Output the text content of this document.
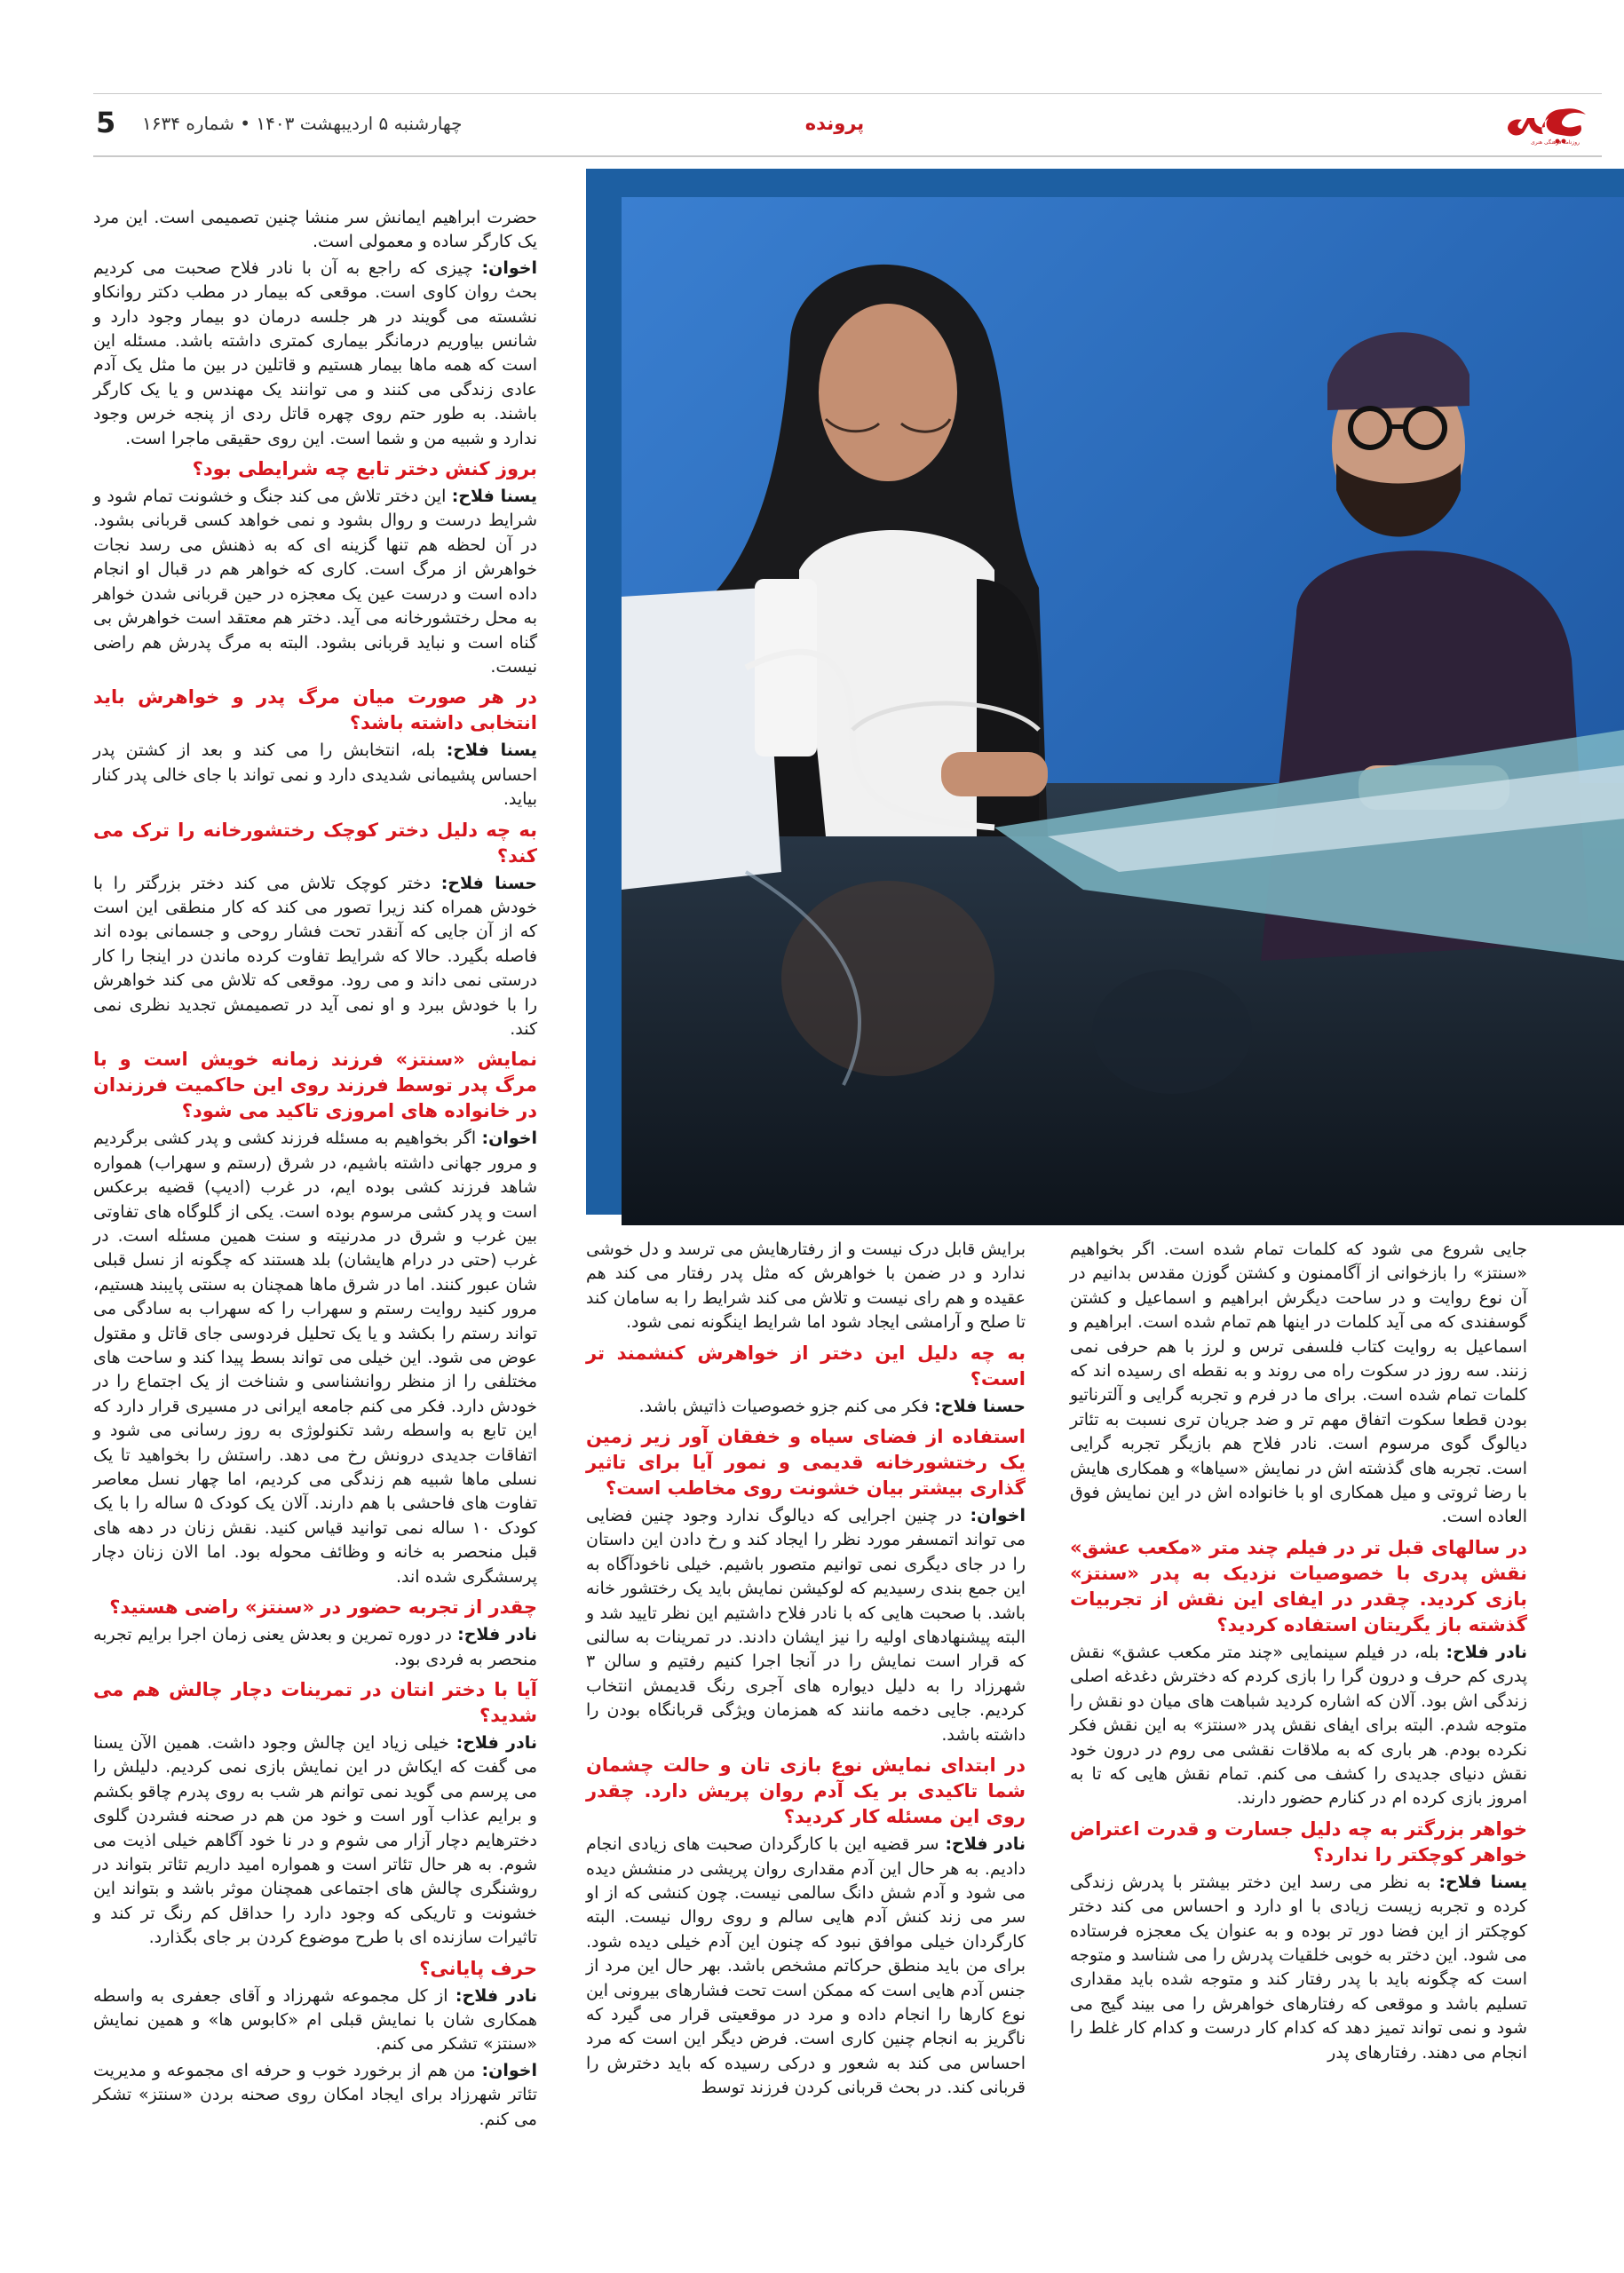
روزنامه فرهنگی هنری
پرونده
چهارشنبه ۵ اردیبهشت ۱۴۰۳ • شماره ۱۶۳۴
5

حضرت ابراهیم ایمانش سر منشا چنین تصمیمی است. این مرد یک کارگر ساده و معمولی است.

اخوان: چیزی که راجع به آن با نادر فلاح صحبت می کردیم بحث روان کاوی است. موقعی که بیمار در مطب دکتر روانکاو نشسته می گویند در هر جلسه درمان دو بیمار وجود دارد و شانس بیاوریم درمانگر بیماری کمتری داشته باشد. مسئله این است که همه ماها بیمار هستیم و قاتلین در بین ما مثل یک آدم عادی زندگی می کنند و می توانند یک مهندس و یا یک کارگر باشند. به طور حتم روی چهره قاتل ردی از پنجه خرس وجود ندارد و شبیه من و شما است. این روی حقیقی ماجرا است.

بروز کنش دختر تابع چه شرایطی بود؟

یسنا فلاح: این دختر تلاش می کند جنگ و خشونت تمام شود و شرایط درست و روال بشود و نمی خواهد کسی قربانی بشود. در آن لحظه هم تنها گزینه ای که به ذهنش می رسد نجات خواهرش از مرگ است. کاری که خواهر هم در قبال او انجام داده است و درست عین یک معجزه در حین قربانی شدن خواهر به محل رختشورخانه می آید. دختر هم معتقد است خواهرش بی گناه است و نباید قربانی بشود. البته به مرگ پدرش هم راضی نیست.

در هر صورت میان مرگ پدر و خواهرش باید انتخابی داشته باشد؟

یسنا فلاح: بله، انتخابش را می کند و بعد از کشتن پدر احساس پشیمانی شدیدی دارد و نمی تواند با جای خالی پدر کنار بیاید.

به چه دلیل دختر کوچک رختشورخانه را ترک می کند؟

حسنا فلاح: دختر کوچک تلاش می کند دختر بزرگتر را با خودش همراه کند زیرا تصور می کند که کار منطقی این است که از آن جایی که آنقدر تحت فشار روحی و جسمانی بوده اند فاصله بگیرد. حالا که شرایط تفاوت کرده ماندن در اینجا را کار درستی نمی داند و می رود. موقعی که تلاش می کند خواهرش را با خودش ببرد و او نمی آید در تصمیمش تجدید نظری نمی کند.

نمایش «سنتز» فرزند زمانه خویش است و با مرگ پدر توسط فرزند روی این حاکمیت فرزندان در خانواده های امروزی تاکید می شود؟

اخوان: اگر بخواهیم به مسئله فرزند کشی و پدر کشی برگردیم و مرور جهانی داشته باشیم، در شرق (رستم و سهراب) همواره شاهد فرزند کشی بوده ایم، در غرب (ادیپ) قضیه برعکس است و پدر کشی مرسوم بوده است. یکی از گلوگاه های تفاوتی بین غرب و شرق در مدرنیته و سنت همین مسئله است. در غرب (حتی در درام هایشان) بلد هستند که چگونه از نسل قبلی شان عبور کنند. اما در شرق ماها همچنان به سنتی پایبند هستیم، مرور کنید روایت رستم و سهراب را که سهراب به سادگی می تواند رستم را بکشد و یا یک تحلیل فردوسی جای قاتل و مقتول عوض می شود. این خیلی می تواند بسط پیدا کند و ساحت های مختلفی را از منظر روانشناسی و شناخت از یک اجتماع را در خودش دارد. فکر می کنم جامعه ایرانی در مسیری قرار دارد که این تابع به واسطه رشد تکنولوژی به روز رسانی می شود و اتفاقات جدیدی درونش رخ می دهد. راستش را بخواهید تا یک نسلی ماها شبیه هم زندگی می کردیم، اما چهار نسل معاصر تفاوت های فاحشی با هم دارند. آلان یک کودک ۵ ساله را با یک کودک ۱۰ ساله نمی توانید قیاس کنید. نقش زنان در دهه های قبل منحصر به خانه و وظائف محوله بود. اما الان زنان دچار پرسشگری شده اند.

چقدر از تجربه حضور در «سنتز» راضی هستید؟

نادر فلاح: در دوره تمرین و بعدش یعنی زمان اجرا برایم تجربه منحصر به فردی بود.

آیا با دختر انتان در تمرینات دچار چالش هم می شدید؟

نادر فلاح: خیلی زیاد این چالش وجود داشت. همین الآن یسنا می گفت که ایکاش در این نمایش بازی نمی کردیم. دلیلش را می پرسم می گوید نمی توانم هر شب به روی پدرم چاقو بکشم و برایم عذاب آور است و خود من هم در صحنه فشردن گلوی دخترهایم دچار آزار می شوم و در نا خود آگاهم خیلی اذیت می شوم. به هر حال تئاتر است و همواره امید داریم تئاتر بتواند در روشنگری چالش های اجتماعی همچنان موثر باشد و بتواند این خشونت و تاریکی که وجود دارد را حداقل کم رنگ تر کند و تاثیرات سازنده ای با طرح موضوع کردن بر جای بگذارد.

حرف پایانی؟

نادر فلاح: از کل مجموعه شهرزاد و آقای جعفری به واسطه همکاری شان با نمایش قبلی ام «کابوس ها» و همین نمایش «سنتز» تشکر می کنم.

اخوان: من هم از برخورد خوب و حرفه ای مجموعه و مدیریت تئاتر شهرزاد برای ایجاد امکان روی صحنه بردن «سنتز» تشکر می کنم.

برایش قابل درک نیست و از رفتارهایش می ترسد و دل خوشی ندارد و در ضمن با خواهرش که مثل پدر رفتار می کند هم عقیده و هم رای نیست و تلاش می کند شرایط را به سامان کند تا صلح و آرامشی ایجاد شود اما شرایط اینگونه نمی شود.

به چه دلیل این دختر از خواهرش کنشمند تر است؟

حسنا فلاح: فکر می کنم جزو خصوصیات ذاتیش باشد.

استفاده از فضای سیاه و خفقان آور زیر زمین یک رختشورخانه قدیمی و نمور آیا برای تاثیر گذاری بیشتر بیان خشونت روی مخاطب است؟

اخوان: در چنین اجرایی که دیالوگ ندارد وجود چنین فضایی می تواند اتمسفر مورد نظر را ایجاد کند و رخ دادن این داستان را در جای دیگری نمی توانیم متصور باشیم. خیلی ناخودآگاه به این جمع بندی رسیدیم که لوکیشن نمایش باید یک رختشور خانه باشد. با صحبت هایی که با نادر فلاح داشتیم این نظر تایید شد و البته پیشنهادهای اولیه را نیز ایشان دادند. در تمرینات به سالنی که قرار است نمایش را در آنجا اجرا کنیم رفتیم و سالن ۳ شهرزاد را به دلیل دیواره های آجری رنگ قدیمش انتخاب کردیم. جایی دخمه مانند که همزمان ویژگی قربانگاه بودن را داشته باشد.

در ابتدای نمایش نوع بازی تان و حالت چشمان شما تاکیدی بر یک آدم روان پریش دارد. چقدر روی این مسئله کار کردید؟

نادر فلاح: سر قضیه این با کارگردان صحبت های زیادی انجام دادیم. به هر حال این آدم مقداری روان پریشی در منشش دیده می شود و آدم شش دانگ سالمی نیست. چون کنشی که از او سر می زند کنش آدم هایی سالم و روی روال نیست. البته کارگردان خیلی موافق نبود که چنون این آدم خیلی دیده شود. برای من باید منطق حرکاتم مشخص باشد. بهر حال این مرد از جنس آدم هایی است که ممکن است تحت فشارهای بیرونی این نوع کارها را انجام داده و مرد در موقعیتی قرار می گیرد که ناگریز به انجام چنین کاری است. فرض دیگر این است که مرد احساس می کند به شعور و درکی رسیده که باید دخترش را قربانی کند. در بحث قربانی کردن فرزند توسط

جایی شروع می شود که کلمات تمام شده است. اگر بخواهیم «سنتز» را بازخوانی از آگاممنون و کشتن گوزن مقدس بدانیم در آن نوع روایت و در ساحت دیگرش ابراهیم و اسماعیل و کشتن گوسفندی که می آید کلمات در اینها هم تمام شده است. ابراهیم و اسماعیل به روایت کتاب فلسفی ترس و لرز با هم حرفی نمی زنند. سه روز در سکوت راه می روند و به نقطه ای رسیده اند که کلمات تمام شده است. برای ما در فرم و تجربه گرایی و آلترناتیو بودن قطعا سکوت اتفاق مهم تر و ضد جریان تری نسبت به تئاتر دیالوگ گوی مرسوم است. نادر فلاح هم بازیگر تجربه گرایی است. تجربه های گذشته اش در نمایش «سیاها» و همکاری هایش با رضا ثروتی و میل همکاری او با خانواده اش در این نمایش فوق العاده است.

در سالهای قبل تر در فیلم چند متر «مکعب عشق» نقش پدری با خصوصیات نزدیک به پدر «سنتز» بازی کردید. چقدر در ایفای این نقش از تجربیات گذشته باز یگریتان استفاده کردید؟

نادر فلاح: بله، در فیلم سینمایی «چند متر مکعب عشق» نقش پدری کم حرف و درون گرا را بازی کردم که دخترش دغدغه اصلی زندگی اش بود. آلان که اشاره کردید شباهت های میان دو نقش را متوجه شدم. البته برای ایفای نقش پدر «سنتز» به این نقش فکر نکرده بودم. هر باری که به ملاقات نقشی می روم در درون خود نقش دنیای جدیدی را کشف می کنم. تمام نقش هایی که تا به امروز بازی کرده ام در کنارم حضور دارند.

خواهر بزرگتر به چه دلیل جسارت و قدرت اعتراض خواهر کوچکتر را ندارد؟

یسنا فلاح: به نظر می رسد این دختر بیشتر با پدرش زندگی کرده و تجربه زیست زیادی با او دارد و احساس می کند دختر کوچکتر از این فضا دور تر بوده و به عنوان یک معجزه فرستاده می شود. این دختر به خوبی خلقیات پدرش را می شناسد و متوجه است که چگونه باید با پدر رفتار کند و متوجه شده باید مقداری تسلیم باشد و موقعی که رفتارهای خواهرش را می بیند گیج می شود و نمی تواند تمیز دهد که کدام کار درست و کدام کار غلط را انجام می دهند. رفتارهای پدر
